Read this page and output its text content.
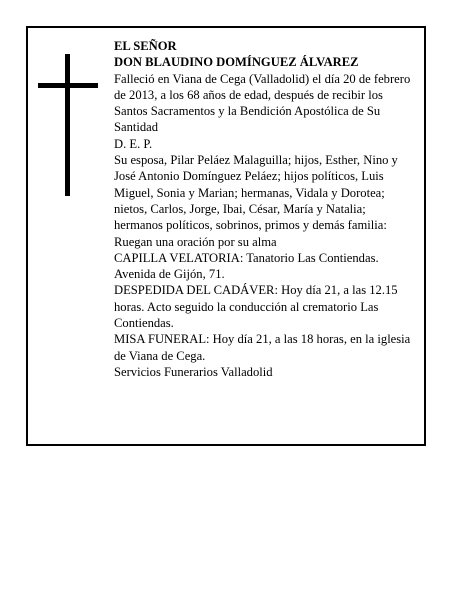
EL SEÑOR

DON BLAUDINO DOMÍNGUEZ ÁLVAREZ

Falleció en Viana de Cega (Valladolid) el día 20 de febrero de 2013, a los 68 años de edad, después de recibir los Santos Sacramentos y la Bendición Apostólica de Su Santidad

D. E. P.

Su esposa, Pilar Peláez Malaguilla; hijos, Esther, Nino y José Antonio Domínguez Peláez; hijos políticos, Luis Miguel, Sonia y Marian; hermanas, Vidala y Dorotea; nietos, Carlos, Jorge, Ibai, César, María y Natalia; hermanos políticos, sobrinos, primos y demás familia:

Ruegan una oración por su alma

CAPILLA VELATORIA: Tanatorio Las Contiendas. Avenida de Gijón, 71.

DESPEDIDA DEL CADÁVER: Hoy día 21, a las 12.15 horas. Acto seguido la conducción al crematorio Las Contiendas.

MISA FUNERAL: Hoy día 21, a las 18 horas, en la iglesia de Viana de Cega.

Servicios Funerarios Valladolid
